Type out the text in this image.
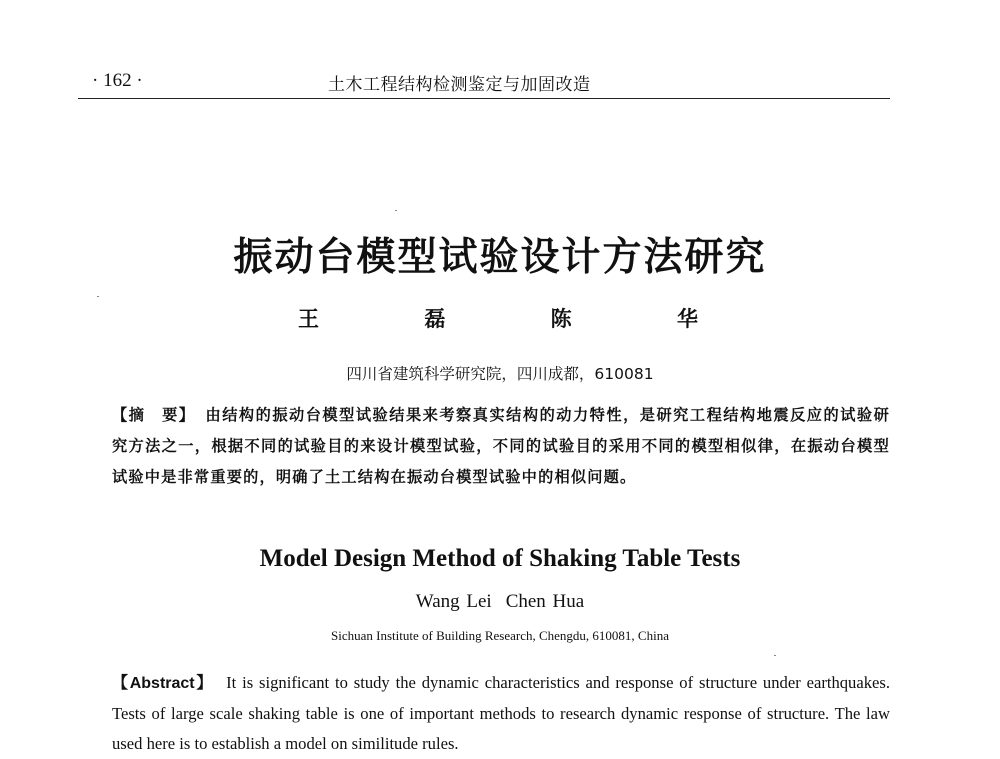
· 162 ·	土木工程结构检测鉴定与加固改造
振动台模型试验设计方法研究
王 磊 陈 华
四川省建筑科学研究院，四川成都，610081
【摘　要】 由结构的振动台模型试验结果来考察真实结构的动力特性，是研究工程结构地震反应的试验研究方法之一，根据不同的试验目的来设计模型试验，不同的试验目的采用不同的模型相似律，在振动台模型试验中是非常重要的，明确了土工结构在振动台模型试验中的相似问题。
Model Design Method of Shaking Table Tests
Wang Lei Chen Hua
Sichuan Institute of Building Research, Chengdu, 610081, China
【Abstract】 It is significant to study the dynamic characteristics and response of structure under earthquakes. Tests of large scale shaking table is one of important methods to research dynamic response of structure. The law used here is to establish a model on similitude rules.
